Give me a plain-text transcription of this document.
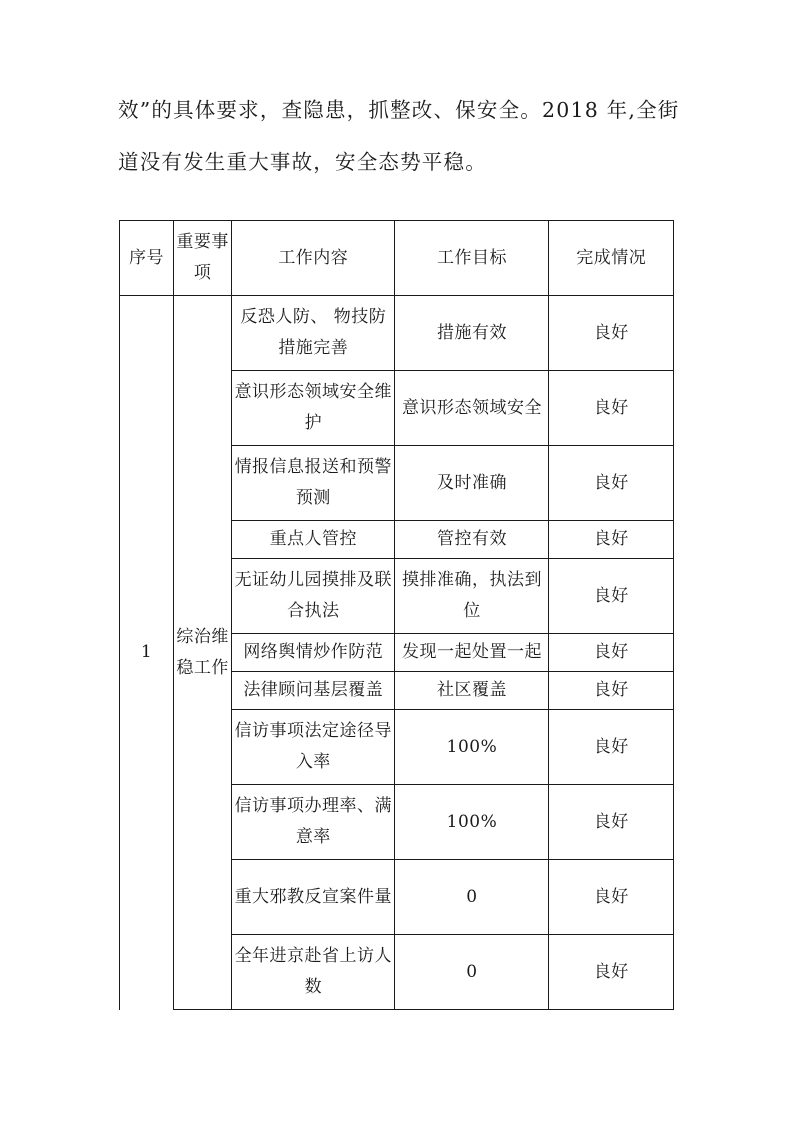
效”的具体要求，查隐患，抓整改、保安全。2018 年,全街
道没有发生重大事故，安全态势平稳。
序号	重要事项	工作内容	工作目标	完成情况
1	综治维稳工作	反恐人防、 物技防措施完善	措施有效	良好
		意识形态领域安全维护	意识形态领域安全	良好
		情报信息报送和预警预测	及时准确	良好
		重点人管控	管控有效	良好
		无证幼儿园摸排及联合执法	摸排准确，执法到位	良好
		网络舆情炒作防范	发现一起处置一起	良好
		法律顾问基层覆盖	社区覆盖	良好
		信访事项法定途径导入率	100%	良好
		信访事项办理率、满意率	100%	良好
		重大邪教反宣案件量	0	良好
		全年进京赴省上访人数	0	良好
